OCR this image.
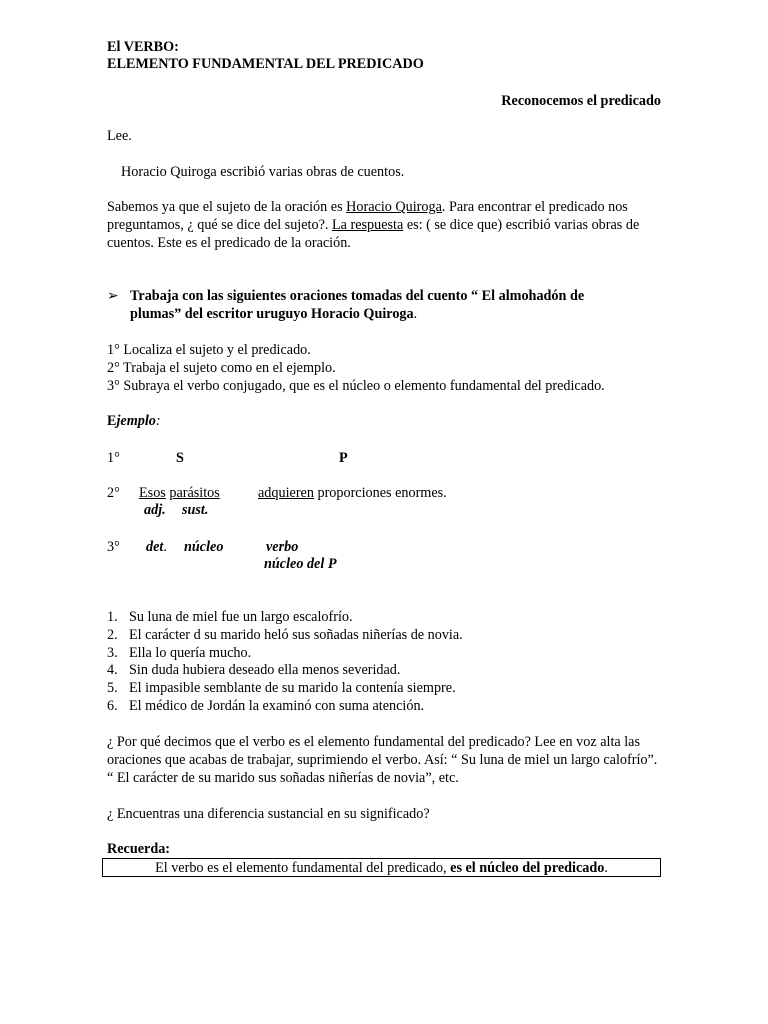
El VERBO:
ELEMENTO FUNDAMENTAL DEL PREDICADO
Reconocemos el predicado
Lee.
Horacio Quiroga escribió varias obras de cuentos.
Sabemos ya que el sujeto de la oración es Horacio Quiroga. Para encontrar el predicado nos preguntamos, ¿ qué se dice del sujeto?. La respuesta es: ( se dice que) escribió varias obras de cuentos. Este es el predicado de la oración.
➢ Trabaja con las siguientes oraciones tomadas del cuento “ El almohadón de plumas” del escritor uruguyo Horacio Quiroga.
1° Localiza el sujeto y el predicado.
2° Trabaja el sujeto como en el ejemplo.
3° Subraya el verbo conjugado, que es el núcleo o elemento fundamental del predicado.
Ejemplo:
1°	S	P
2° Esos parásitos	adquieren proporciones enormes.
adj. sust.
3° det. núcleo	verbo
núcleo del P
1. Su luna de miel fue un largo escalofrío.
2. El carácter d su marido heló sus soñadas niñerías de novia.
3. Ella lo quería mucho.
4. Sin duda hubiera deseado ella menos severidad.
5. El impasible semblante de su marido la contenía siempre.
6. El médico de Jordán la examinó con suma atención.
¿ Por qué decimos que el verbo es el elemento fundamental del predicado? Lee en voz alta las oraciones que acabas de trabajar, suprimiendo el verbo. Así: “ Su luna de miel un largo calofrío”. “ El carácter de su marido sus soñadas niñerías de novia”, etc.
¿ Encuentras una diferencia sustancial en su significado?
Recuerda:
El verbo es el elemento fundamental del predicado, es el núcleo del predicado.
